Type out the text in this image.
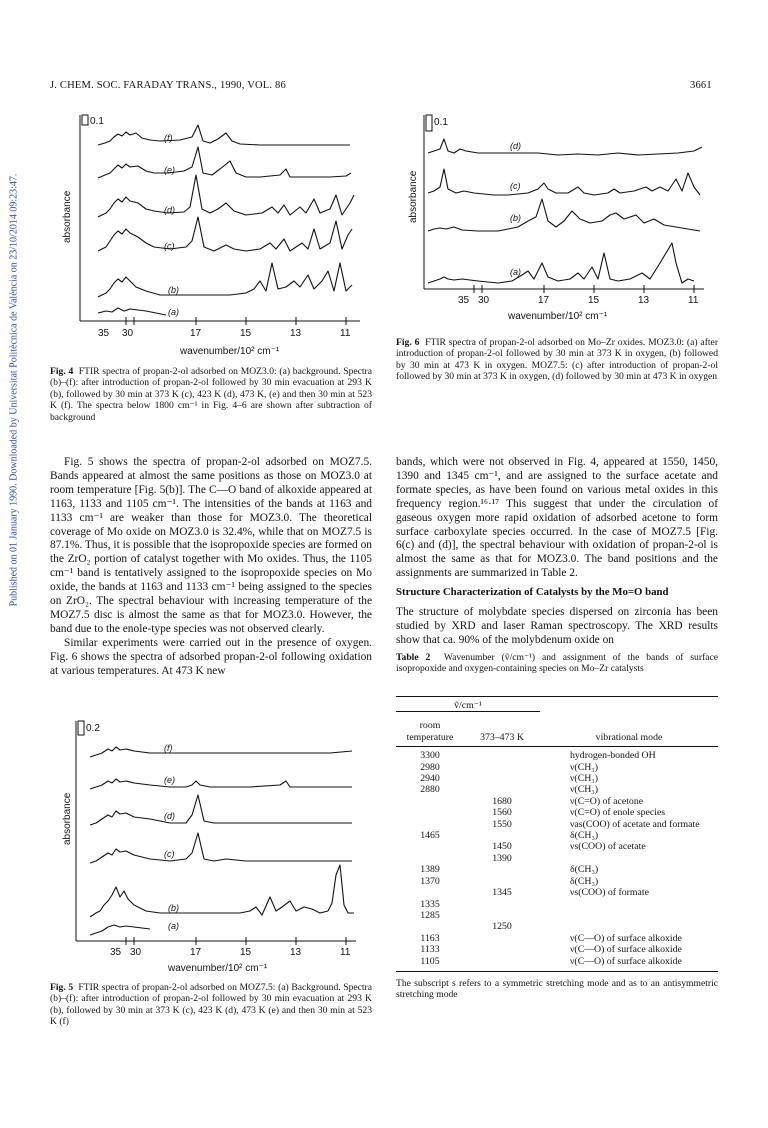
J. CHEM. SOC. FARADAY TRANS., 1990, VOL. 86	3661
Published on 01 January 1990. Downloaded by Universitat Politècnica de València on 23/10/2014 09:23:47.
0.1
absorbance
(f)
(e)
(d)
(c)
(b)
(a)
35 30	17	15	13	11
wavenumber/10² cm⁻¹
Fig. 4 FTIR spectra of propan-2-ol adsorbed on MOZ3.0: (a) background. Spectra (b)–(f): after introduction of propan-2-ol followed by 30 min evacuation at 293 K (b), followed by 30 min at 373 K (c), 423 K (d), 473 K, (e) and then 30 min at 523 K (f). The spectra below 1800 cm⁻¹ in Fig. 4–6 are shown after subtraction of background
0.1
absorbance
(d)
(c)
(b)
(a)
35 30	17	15	13	11
wavenumber/10² cm⁻¹
Fig. 6 FTIR spectra of propan-2-ol adsorbed on Mo–Zr oxides. MOZ3.0: (a) after introduction of propan-2-ol followed by 30 min at 373 K in oxygen, (b) followed by 30 min at 473 K in oxygen. MOZ7.5: (c) after introduction of propan-2-ol followed by 30 min at 373 K in oxygen, (d) followed by 30 min at 473 K in oxygen

Fig. 5 shows the spectra of propan-2-ol adsorbed on MOZ7.5. Bands appeared at almost the same positions as those on MOZ3.0 at room temperature [Fig. 5(b)]. The C—O band of alkoxide appeared at 1163, 1133 and 1105 cm⁻¹. The intensities of the bands at 1163 and 1133 cm⁻¹ are weaker than those for MOZ3.0. The theoretical coverage of Mo oxide on MOZ3.0 is 32.4%, while that on MOZ7.5 is 87.1%. Thus, it is possible that the isopropoxide species are formed on the ZrO₂ portion of catalyst together with Mo oxides. Thus, the 1105 cm⁻¹ band is tentatively assigned to the isopropoxide species on Mo oxide, the bands at 1163 and 1133 cm⁻¹ being assigned to the species on ZrO₂. The spectral behaviour with increasing temperature of the MOZ7.5 disc is almost the same as that for MOZ3.0. However, the band due to the enole-type species was not observed clearly.

Similar experiments were carried out in the presence of oxygen. Fig. 6 shows the spectra of adsorbed propan-2-ol following oxidation at various temperatures. At 473 K new

bands, which were not observed in Fig. 4, appeared at 1550, 1450, 1390 and 1345 cm⁻¹, and are assigned to the surface acetate and formate species, as have been found on various metal oxides in this frequency region.¹⁶·¹⁷ This suggest that under the circulation of gaseous oxygen more rapid oxidation of adsorbed acetone to form surface carboxylate species occurred. In the case of MOZ7.5 [Fig. 6(c) and (d)], the spectral behaviour with oxidation of propan-2-ol is almost the same as that for MOZ3.0. The band positions and the assignments are summarized in Table 2.

Structure Characterization of Catalysts by the Mo=O band

The structure of molybdate species dispersed on zirconia has been studied by XRD and laser Raman spectroscopy. The XRD results show that ca. 90% of the molybdenum oxide on

0.2
absorbance
(f)
(e)
(d)
(c)
(b)
(a)
35 30	17	15	13	11
wavenumber/10² cm⁻¹
Fig. 5 FTIR spectra of propan-2-ol adsorbed on MOZ7.5: (a) Background. Spectra (b)–(f): after introduction of propan-2-ol followed by 30 min evacuation at 293 K (b), followed by 30 min at 373 K (c), 423 K (d), 473 K (e) and then 30 min at 523 K (f)
Table 2 Wavenumber (ṽ/cm⁻¹) and assignment of the bands of surface isopropoxide and oxygen-containing species on Mo–Zr catalysts
ṽ/cm⁻¹		
room temperature	373–473 K	vibrational mode
3300		hydrogen-bonded OH
2980		ν(CH₃)
2940		ν(CH₃)
2880		ν(CH₃)
	1680	ν(C=O) of acetone
	1560	ν(C=O) of enole species
	1550	νas(COO) of acetate and formate
1465		δ(CH₃)
	1450	νs(COO) of acetate
	1390	
1389		δ(CH₃)
1370		δ(CH₃)
	1345	νs(COO) of formate
1335		
1285		
	1250	
1163		ν(C—O) of surface alkoxide
1133		ν(C—O) of surface alkoxide
1105		ν(C—O) of surface alkoxide
The subscript s refers to a symmetric stretching mode and as to an antisymmetric stretching mode
